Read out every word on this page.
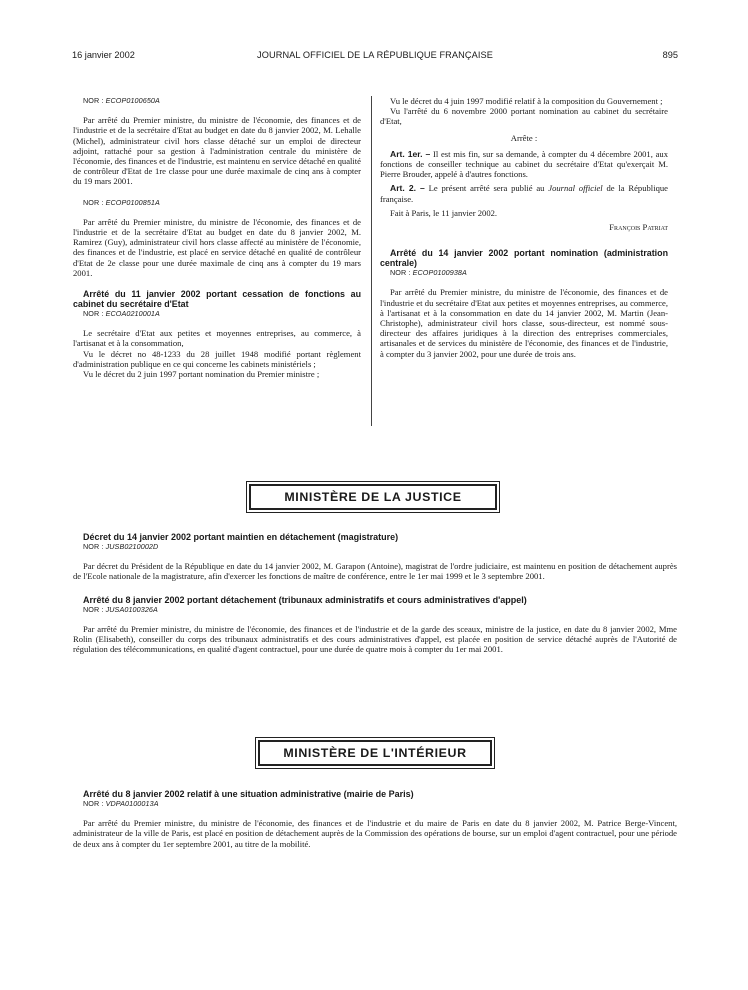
16 janvier 2002	JOURNAL OFFICIEL DE LA RÉPUBLIQUE FRANÇAISE	895

NOR : ECOP0100650A

Par arrêté du Premier ministre, du ministre de l'économie, des finances et de l'industrie et de la secrétaire d'Etat au budget en date du 8 janvier 2002, M. Lehalle (Michel), administrateur civil hors classe détaché sur un emploi de directeur adjoint, rattaché pour sa gestion à l'administration centrale du ministère de l'économie, des finances et de l'industrie, est maintenu en service détaché en qualité de contrôleur d'Etat de 1re classe pour une durée maximale de cinq ans à compter du 19 mars 2001.

NOR : ECOP0100851A

Par arrêté du Premier ministre, du ministre de l'économie, des finances et de l'industrie et de la secrétaire d'Etat au budget en date du 8 janvier 2002, M. Ramirez (Guy), administrateur civil hors classe affecté au ministère de l'économie, des finances et de l'industrie, est placé en service détaché en qualité de contrôleur d'Etat de 2e classe pour une durée maximale de cinq ans à compter du 19 mars 2001.

Arrêté du 11 janvier 2002 portant cessation de fonctions au cabinet du secrétaire d'Etat

NOR : ECOA0210001A

Le secrétaire d'Etat aux petites et moyennes entreprises, au commerce, à l'artisanat et à la consommation,

Vu le décret no 48-1233 du 28 juillet 1948 modifié portant règlement d'administration publique en ce qui concerne les cabinets ministériels ;

Vu le décret du 2 juin 1997 portant nomination du Premier ministre ;

Vu le décret du 4 juin 1997 modifié relatif à la composition du Gouvernement ;

Vu l'arrêté du 6 novembre 2000 portant nomination au cabinet du secrétaire d'Etat,

Arrête :

Art. 1er. – Il est mis fin, sur sa demande, à compter du 4 décembre 2001, aux fonctions de conseiller technique au cabinet du secrétaire d'Etat qu'exerçait M. Pierre Brouder, appelé à d'autres fonctions.

Art. 2. – Le présent arrêté sera publié au Journal officiel de la République française.

Fait à Paris, le 11 janvier 2002.

François Patriat

Arrêté du 14 janvier 2002 portant nomination (administration centrale)

NOR : ECOP0100938A

Par arrêté du Premier ministre, du ministre de l'économie, des finances et de l'industrie et du secrétaire d'Etat aux petites et moyennes entreprises, au commerce, à l'artisanat et à la consommation en date du 14 janvier 2002, M. Martin (Jean-Christophe), administrateur civil hors classe, sous-directeur, est nommé sous-directeur des affaires juridiques à la direction des entreprises commerciales, artisanales et de services du ministère de l'économie, des finances et de l'industrie, à compter du 3 janvier 2002, pour une durée de trois ans.

MINISTÈRE DE LA JUSTICE

Décret du 14 janvier 2002 portant maintien en détachement (magistrature)

NOR : JUSB0210002D

Par décret du Président de la République en date du 14 janvier 2002, M. Garapon (Antoine), magistrat de l'ordre judiciaire, est maintenu en position de détachement auprès de l'Ecole nationale de la magistrature, afin d'exercer les fonctions de maître de conférence, entre le 1er mai 1999 et le 3 septembre 2001.

Arrêté du 8 janvier 2002 portant détachement (tribunaux administratifs et cours administratives d'appel)

NOR : JUSA0100326A

Par arrêté du Premier ministre, du ministre de l'économie, des finances et de l'industrie et de la garde des sceaux, ministre de la justice, en date du 8 janvier 2002, Mme Rolin (Elisabeth), conseiller du corps des tribunaux administratifs et des cours administratives d'appel, est placée en position de service détaché auprès de l'Autorité de régulation des télécommunications, en qualité d'agent contractuel, pour une durée de quatre mois à compter du 1er mai 2001.

MINISTÈRE DE L'INTÉRIEUR

Arrêté du 8 janvier 2002 relatif à une situation administrative (mairie de Paris)

NOR : VDPA0100013A

Par arrêté du Premier ministre, du ministre de l'économie, des finances et de l'industrie et du maire de Paris en date du 8 janvier 2002, M. Patrice Berge-Vincent, administrateur de la ville de Paris, est placé en position de détachement auprès de la Commission des opérations de bourse, sur un emploi d'agent contractuel, pour une période de deux ans à compter du 1er septembre 2001, au titre de la mobilité.
